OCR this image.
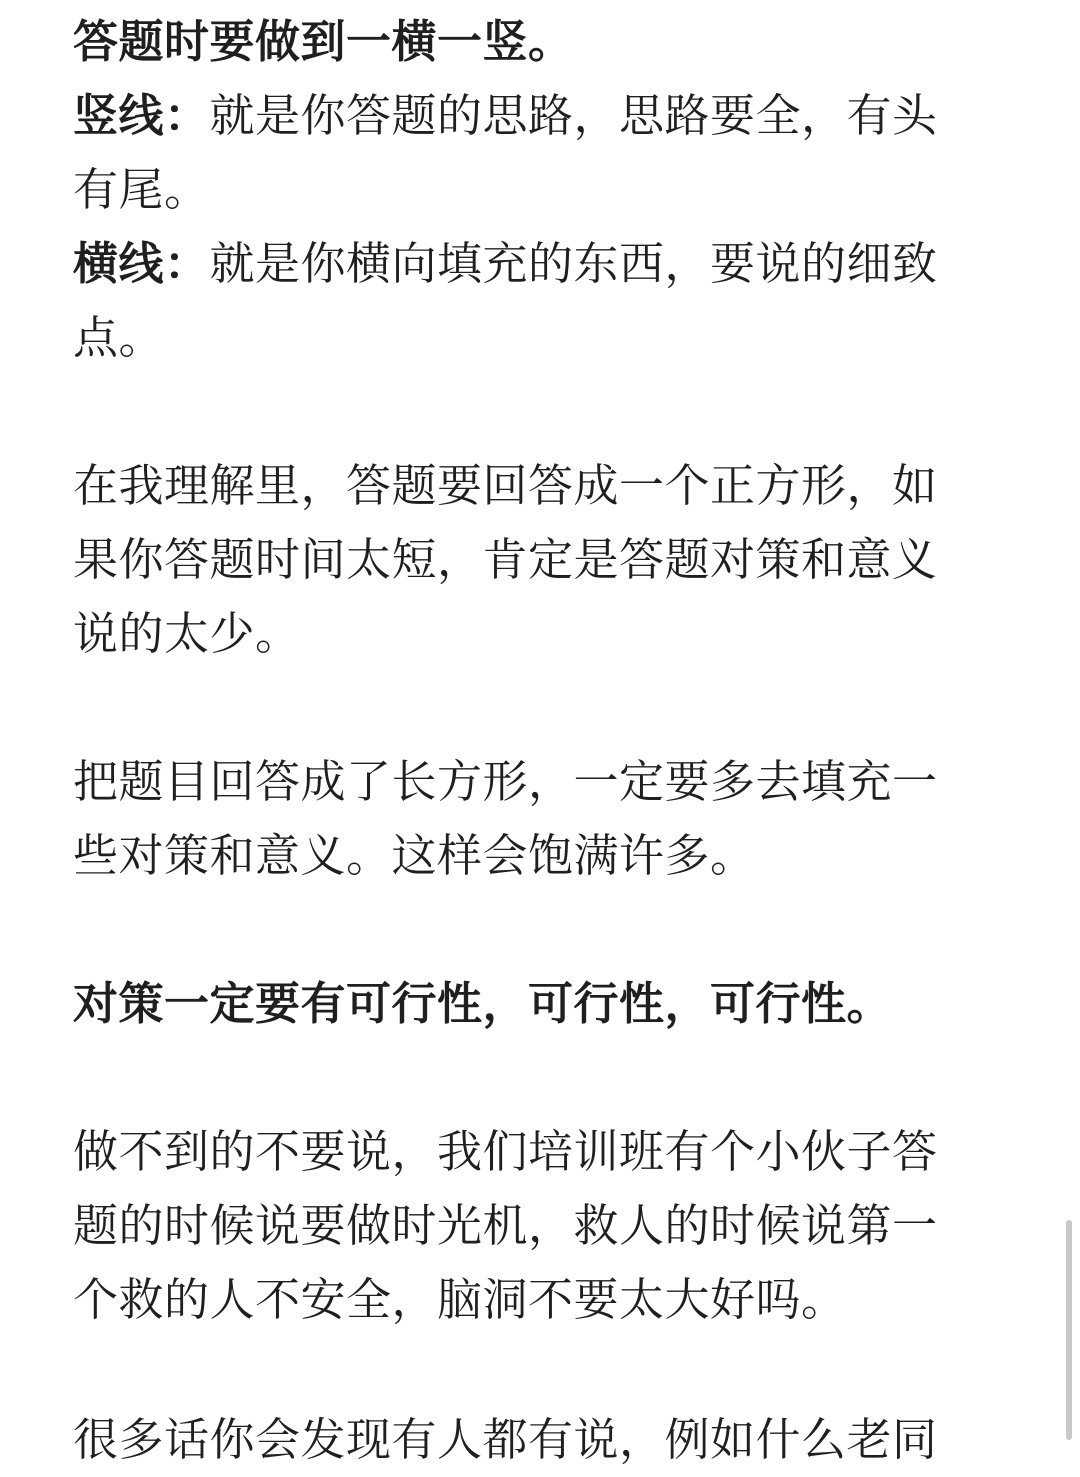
答题时要做到一横一竖。

竖线：就是你答题的思路，思路要全，有头有尾。

横线：就是你横向填充的东西，要说的细致点。

在我理解里，答题要回答成一个正方形，如果你答题时间太短，肯定是答题对策和意义说的太少。

把题目回答成了长方形，一定要多去填充一些对策和意义。这样会饱满许多。

对策一定要有可行性，可行性，可行性。

做不到的不要说，我们培训班有个小伙子答题的时候说要做时光机，救人的时候说第一个救的人不安全，脑洞不要太大好吗。

很多话你会发现有人都有说，例如什么老同
